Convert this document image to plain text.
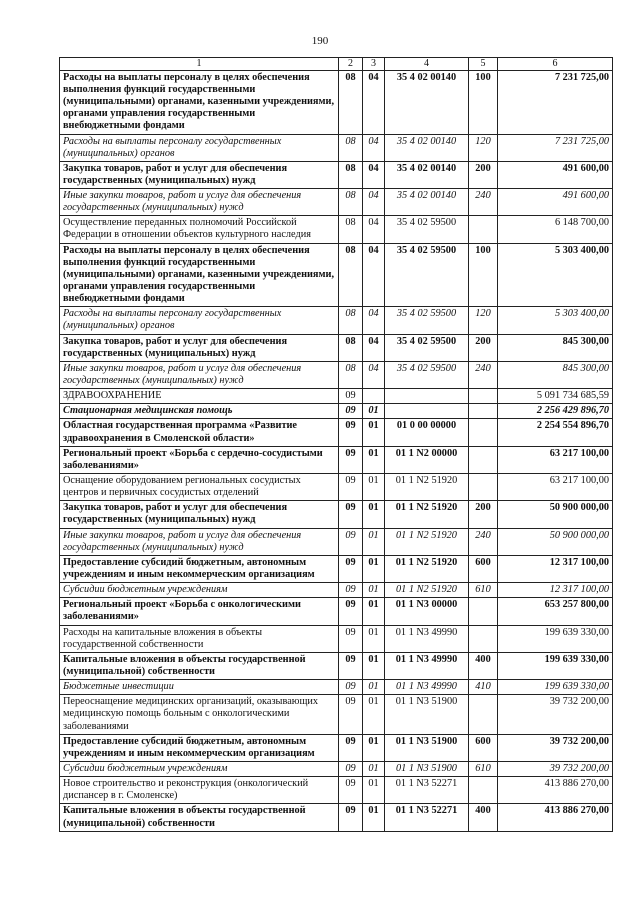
190
1	2	3	4	5	6
Расходы на выплаты персоналу в целях обеспечения выполнения функций государственными (муниципальными) органами, казенными учреждениями, органами управления государственными внебюджетными фондами	08	04	35 4 02 00140	100	7 231 725,00
Расходы на выплаты персоналу государственных (муниципальных) органов	08	04	35 4 02 00140	120	7 231 725,00
Закупка товаров, работ и услуг для обеспечения государственных (муниципальных) нужд	08	04	35 4 02 00140	200	491 600,00
Иные закупки товаров, работ и услуг для обеспечения государственных (муниципальных) нужд	08	04	35 4 02 00140	240	491 600,00
Осуществление переданных полномочий Российской Федерации в отношении объектов культурного наследия	08	04	35 4 02 59500		6 148 700,00
Расходы на выплаты персоналу в целях обеспечения выполнения функций государственными (муниципальными) органами, казенными учреждениями, органами управления государственными внебюджетными фондами	08	04	35 4 02 59500	100	5 303 400,00
Расходы на выплаты персоналу государственных (муниципальных) органов	08	04	35 4 02 59500	120	5 303 400,00
Закупка товаров, работ и услуг для обеспечения государственных (муниципальных) нужд	08	04	35 4 02 59500	200	845 300,00
Иные закупки товаров, работ и услуг для обеспечения государственных (муниципальных) нужд	08	04	35 4 02 59500	240	845 300,00
ЗДРАВООХРАНЕНИЕ	09				5 091 734 685,59
Стационарная медицинская помощь	09	01			2 256 429 896,70
Областная государственная программа «Развитие здравоохранения в Смоленской области»	09	01	01 0 00 00000		2 254 554 896,70
Региональный проект «Борьба с сердечно-сосудистыми заболеваниями»	09	01	01 1 N2 00000		63 217 100,00
Оснащение оборудованием региональных сосудистых центров и первичных сосудистых отделений	09	01	01 1 N2 51920		63 217 100,00
Закупка товаров, работ и услуг для обеспечения государственных (муниципальных) нужд	09	01	01 1 N2 51920	200	50 900 000,00
Иные закупки товаров, работ и услуг для обеспечения государственных (муниципальных) нужд	09	01	01 1 N2 51920	240	50 900 000,00
Предоставление субсидий бюджетным, автономным учреждениям и иным некоммерческим организациям	09	01	01 1 N2 51920	600	12 317 100,00
Субсидии бюджетным учреждениям	09	01	01 1 N2 51920	610	12 317 100,00
Региональный проект «Борьба с онкологическими заболеваниями»	09	01	01 1 N3 00000		653 257 800,00
Расходы на капитальные вложения в объекты государственной собственности	09	01	01 1 N3 49990		199 639 330,00
Капитальные вложения в объекты государственной (муниципальной) собственности	09	01	01 1 N3 49990	400	199 639 330,00
Бюджетные инвестиции	09	01	01 1 N3 49990	410	199 639 330,00
Переоснащение медицинских организаций, оказывающих медицинскую помощь больным с онкологическими заболеваниями	09	01	01 1 N3 51900		39 732 200,00
Предоставление субсидий бюджетным, автономным учреждениям и иным некоммерческим организациям	09	01	01 1 N3 51900	600	39 732 200,00
Субсидии бюджетным учреждениям	09	01	01 1 N3 51900	610	39 732 200,00
Новое строительство и реконструкция (онкологический диспансер в г. Смоленске)	09	01	01 1 N3 52271		413 886 270,00
Капитальные вложения в объекты государственной (муниципальной) собственности	09	01	01 1 N3 52271	400	413 886 270,00
